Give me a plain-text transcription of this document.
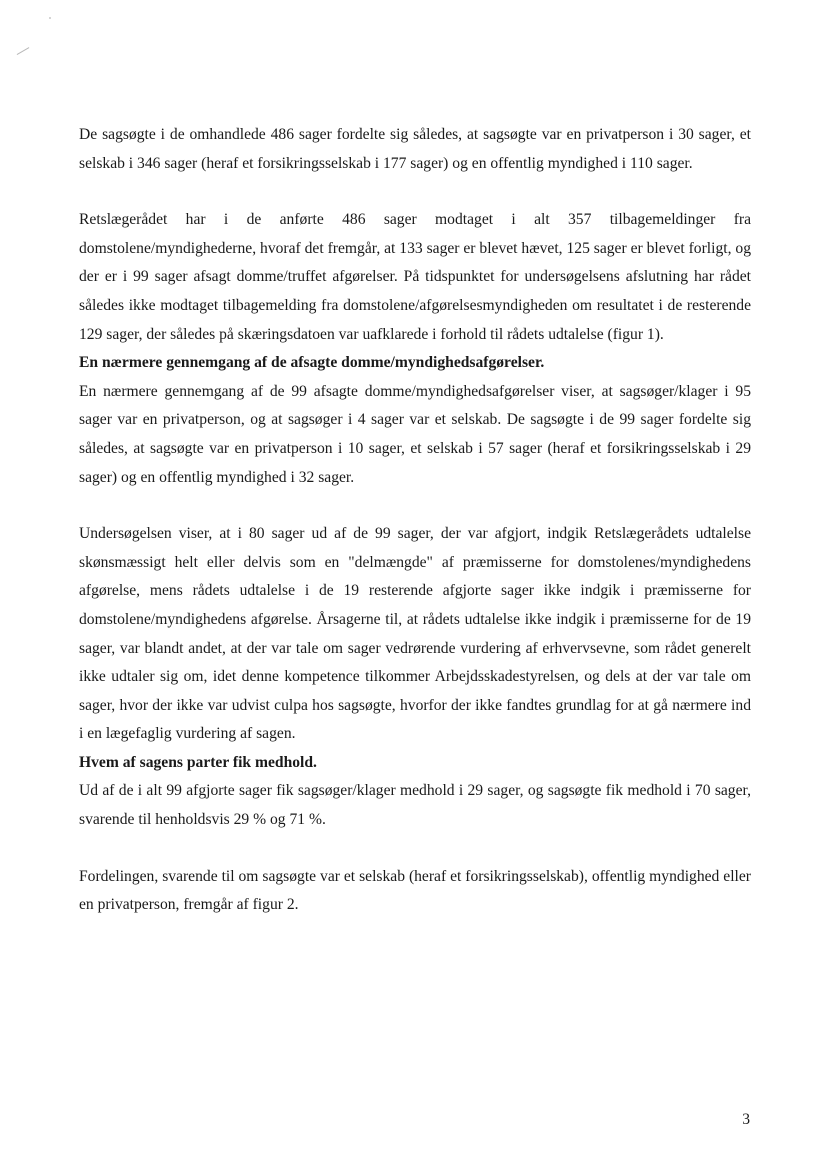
De sagsøgte i de omhandlede 486 sager fordelte sig således, at sagsøgte var en privatperson i 30 sager, et selskab i 346 sager (heraf et forsikringsselskab i 177 sager) og en offentlig myndighed i 110 sager.

Retslægerådet har i de anførte 486 sager modtaget i alt 357 tilbagemeldinger fra domstolene/myndighederne, hvoraf det fremgår, at 133 sager er blevet hævet, 125 sager er blevet forligt, og der er i 99 sager afsagt domme/truffet afgørelser. På tidspunktet for undersøgelsens afslutning har rådet således ikke modtaget tilbagemelding fra domstolene/afgørelsesmyndigheden om resultatet i de resterende 129 sager, der således på skæringsdatoen var uafklarede i forhold til rådets udtalelse (figur 1).

En nærmere gennemgang af de afsagte domme/myndighedsafgørelser.

En nærmere gennemgang af de 99 afsagte domme/myndighedsafgørelser viser, at sagsøger/klager i 95 sager var en privatperson, og at sagsøger i 4 sager var et selskab. De sagsøgte i de 99 sager fordelte sig således, at sagsøgte var en privatperson i 10 sager, et selskab i 57 sager (heraf et forsikringsselskab i 29 sager) og en offentlig myndighed i 32 sager.

Undersøgelsen viser, at i 80 sager ud af de 99 sager, der var afgjort, indgik Retslægerådets udtalelse skønsmæssigt helt eller delvis som en "delmængde" af præmisserne for domstolenes/myndighedens afgørelse, mens rådets udtalelse i de 19 resterende afgjorte sager ikke indgik i præmisserne for domstolene/myndighedens afgørelse. Årsagerne til, at rådets udtalelse ikke indgik i præmisserne for de 19 sager, var blandt andet, at der var tale om sager vedrørende vurdering af erhvervsevne, som rådet generelt ikke udtaler sig om, idet denne kompetence tilkommer Arbejdsskadestyrelsen, og dels at der var tale om sager, hvor der ikke var udvist culpa hos sagsøgte, hvorfor der ikke fandtes grundlag for at gå nærmere ind i en lægefaglig vurdering af sagen.

Hvem af sagens parter fik medhold.

Ud af de i alt 99 afgjorte sager fik sagsøger/klager medhold i 29 sager, og sagsøgte fik medhold i 70 sager, svarende til henholdsvis 29 % og 71 %.

Fordelingen, svarende til om sagsøgte var et selskab (heraf et forsikringsselskab), offentlig myndighed eller en privatperson, fremgår af figur 2.

3
